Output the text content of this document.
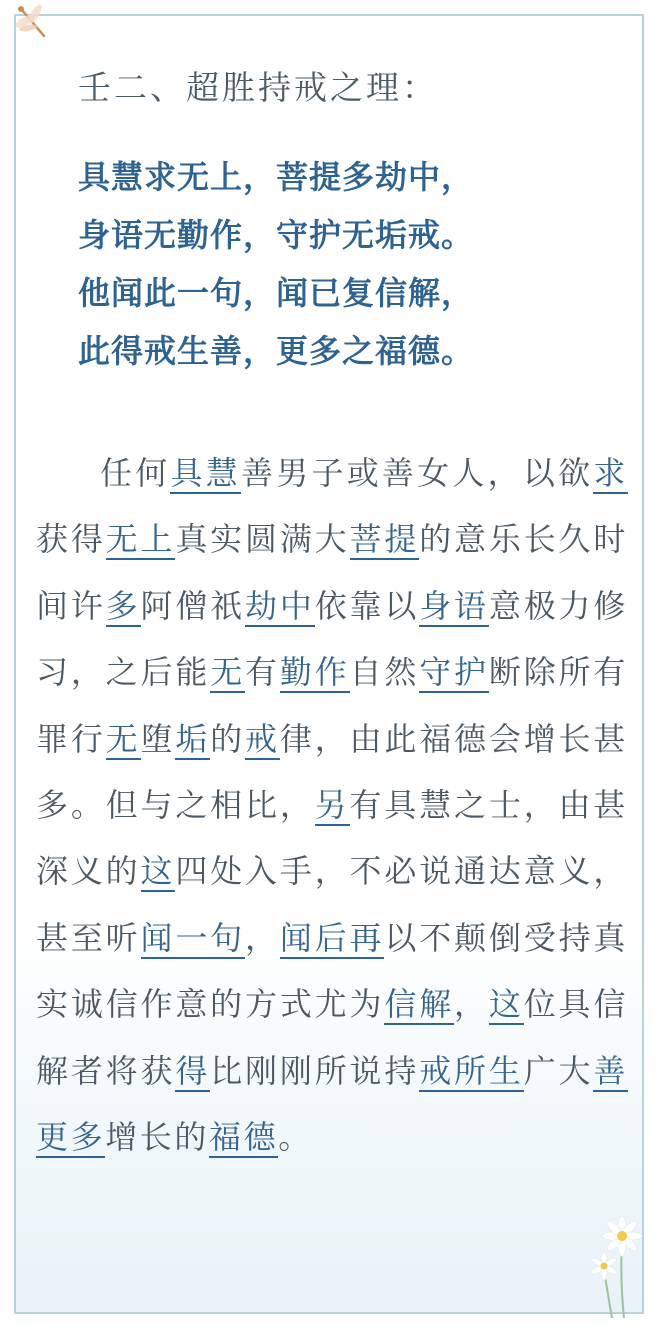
壬二、超胜持戒之理：
具慧求无上，菩提多劫中，
身语无勤作，守护无垢戒。
他闻此一句，闻已复信解，
此得戒生善，更多之福德。

任何具慧善男子或善女人，以欲求获得无上真实圆满大菩提的意乐长久时间许多阿僧祇劫中依靠以身语意极力修习，之后能无有勤作自然守护断除所有罪行无堕垢的戒律，由此福德会增长甚多。但与之相比，另有具慧之士，由甚深义的这四处入手，不必说通达意义，甚至听闻一句，闻后再以不颠倒受持真实诚信作意的方式尤为信解，这位具信解者将获得比刚刚所说持戒所生广大善更多增长的福德。
